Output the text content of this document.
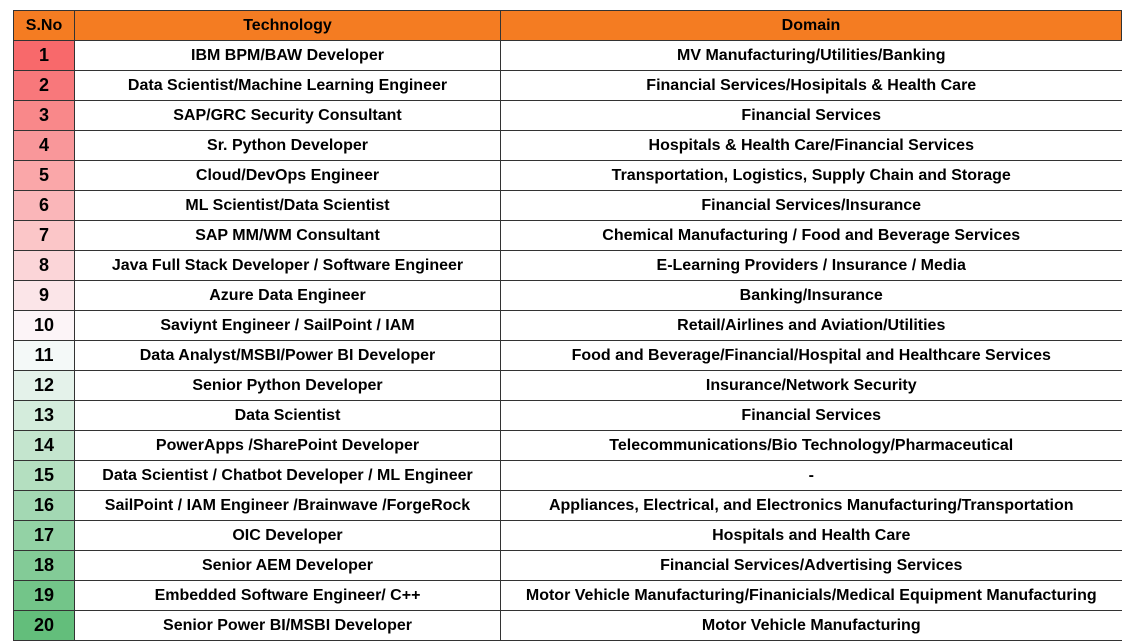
S.No	Technology	Domain
1	IBM BPM/BAW Developer	MV Manufacturing/Utilities/Banking
2	Data Scientist/Machine Learning Engineer	Financial Services/Hosipitals & Health Care
3	SAP/GRC Security Consultant	Financial Services
4	Sr. Python Developer	Hospitals & Health Care/Financial Services
5	Cloud/DevOps Engineer	Transportation, Logistics, Supply Chain and Storage
6	ML Scientist/Data Scientist	Financial Services/Insurance
7	SAP MM/WM Consultant	Chemical Manufacturing / Food and Beverage Services
8	Java Full Stack Developer / Software Engineer	E-Learning Providers / Insurance / Media
9	Azure Data Engineer	Banking/Insurance
10	Saviynt Engineer / SailPoint / IAM	Retail/Airlines and Aviation/Utilities
11	Data Analyst/MSBI/Power BI Developer	Food and Beverage/Financial/Hospital and Healthcare Services
12	Senior Python Developer	Insurance/Network Security
13	Data Scientist	Financial Services
14	PowerApps /SharePoint Developer	Telecommunications/Bio Technology/Pharmaceutical
15	Data Scientist / Chatbot Developer / ML Engineer	-
16	SailPoint / IAM Engineer /Brainwave /ForgeRock	Appliances, Electrical, and Electronics Manufacturing/Transportation
17	OIC Developer	Hospitals and Health Care
18	Senior AEM Developer	Financial Services/Advertising Services
19	Embedded Software Engineer/ C++	Motor Vehicle Manufacturing/Finanicials/Medical Equipment Manufacturing
20	Senior Power BI/MSBI Developer	Motor Vehicle Manufacturing
